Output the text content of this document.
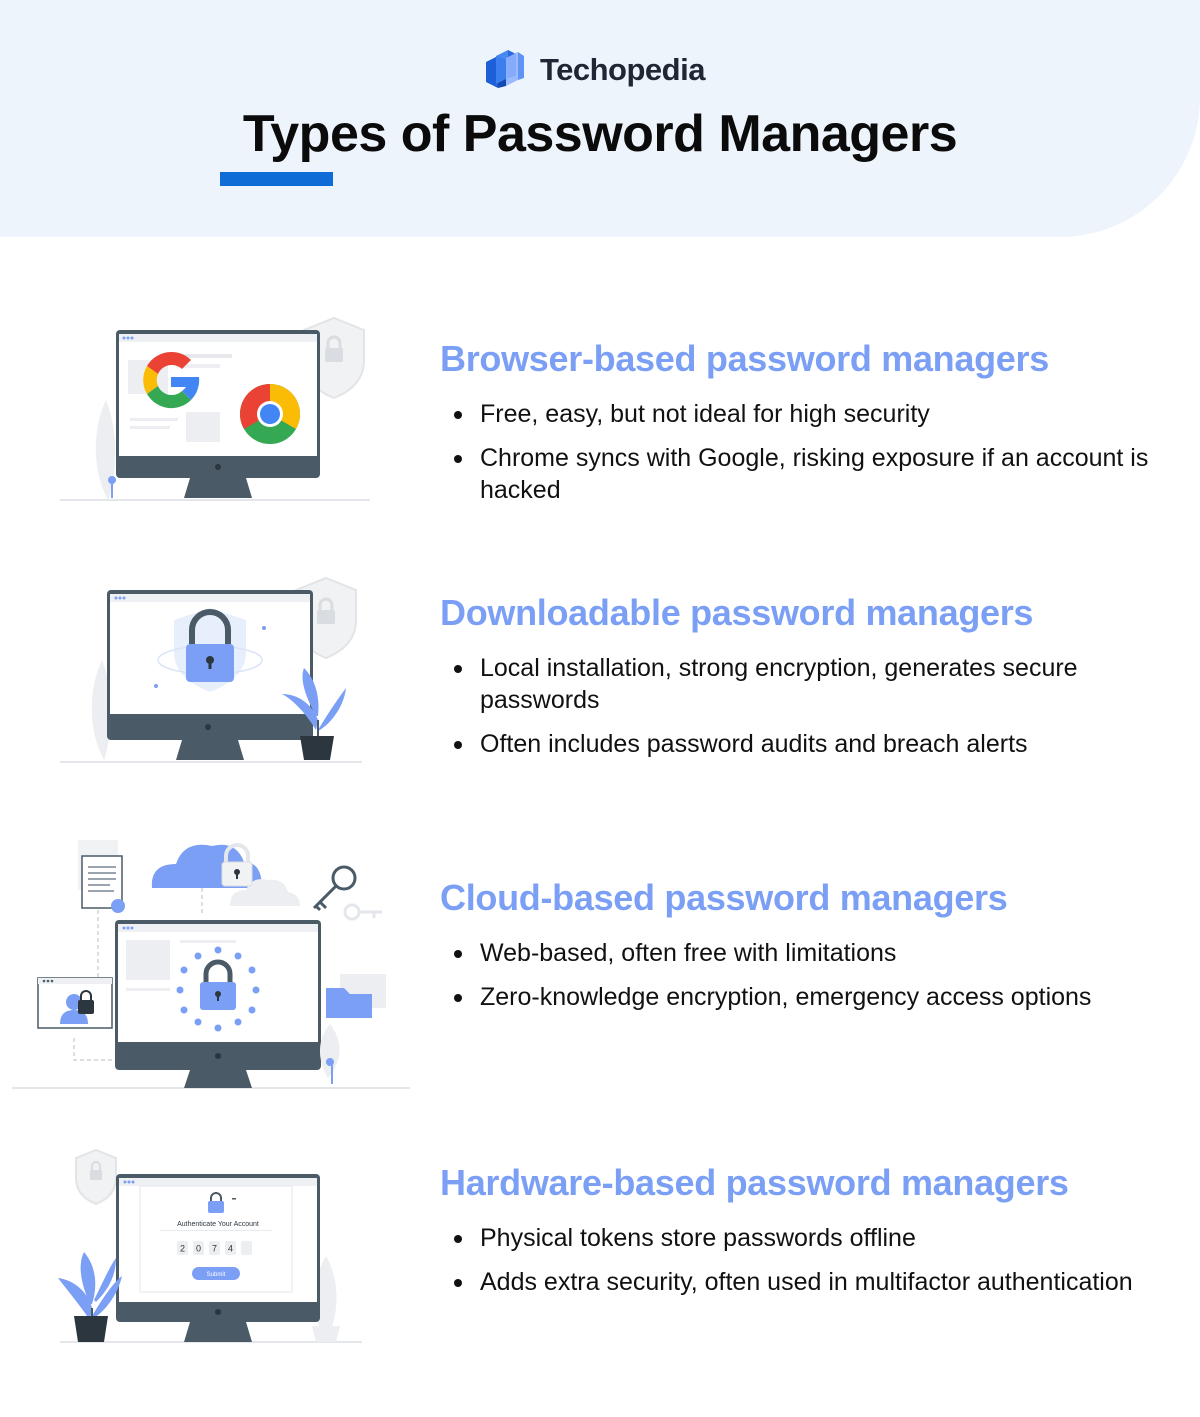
Techopedia
Types of Password Managers
Browser-based password managers
Free, easy, but not ideal for high security
Chrome syncs with Google, risking exposure if an account is hacked
Downloadable password managers
Local installation, strong encryption, generates secure passwords
Often includes password audits and breach alerts
Cloud-based password managers
Web-based, often free with limitations
Zero-knowledge encryption, emergency access options
Authenticate Your Account
2 0 7 4
Submit
Hardware-based password managers
Physical tokens store passwords offline
Adds extra security, often used in multifactor authentication
